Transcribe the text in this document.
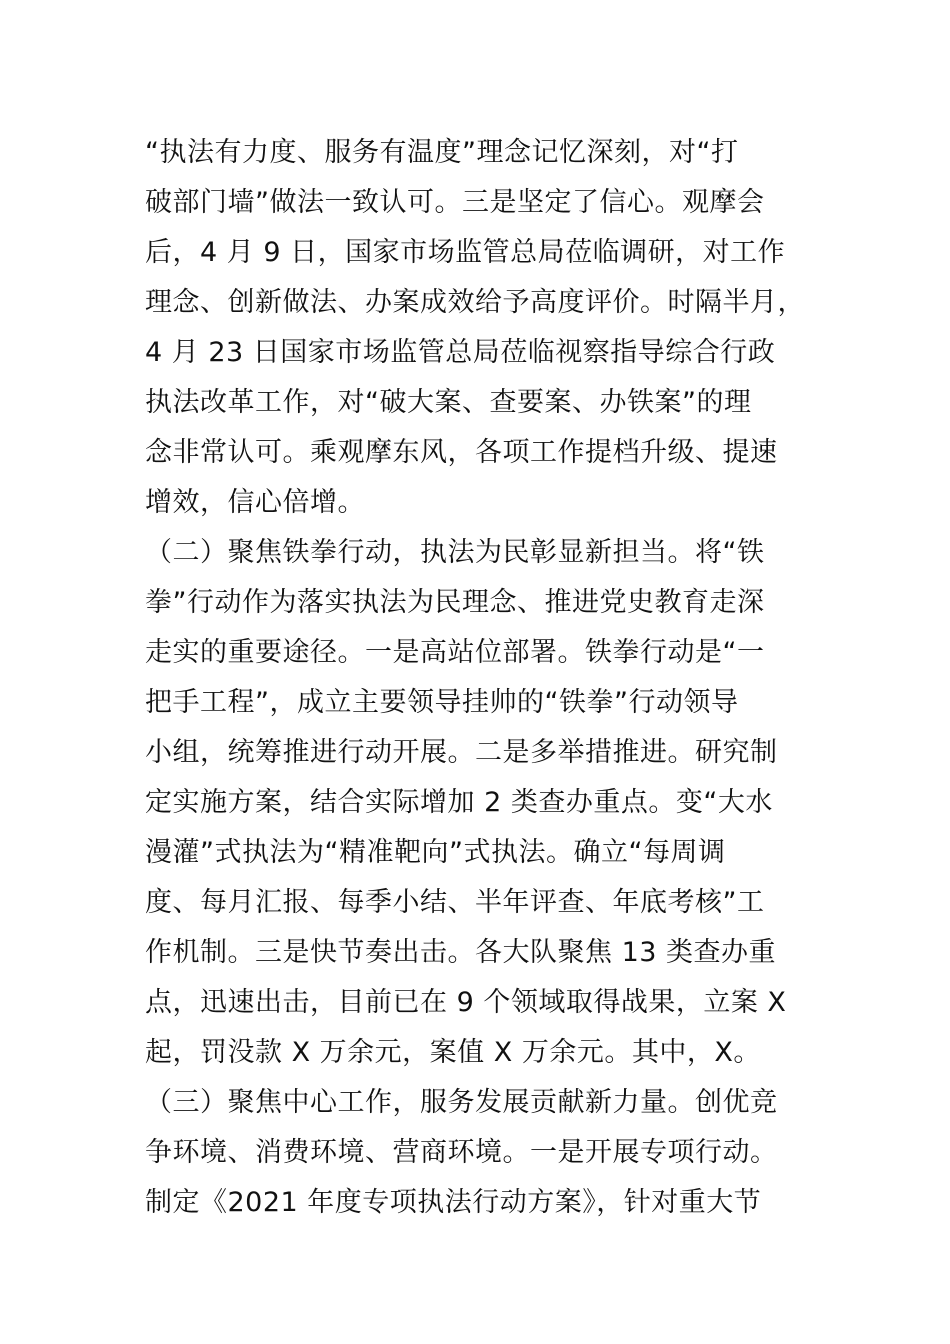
“执法有力度、服务有温度”理念记忆深刻，对“打
破部门墙”做法一致认可。三是坚定了信心。观摩会
后，4 月 9 日，国家市场监管总局莅临调研，对工作
理念、创新做法、办案成效给予高度评价。时隔半月，
4 月 23 日国家市场监管总局莅临视察指导综合行政
执法改革工作，对“破大案、查要案、办铁案”的理
念非常认可。乘观摩东风，各项工作提档升级、提速
增效，信心倍增。
（二）聚焦铁拳行动，执法为民彰显新担当。将“铁
拳”行动作为落实执法为民理念、推进党史教育走深
走实的重要途径。一是高站位部署。铁拳行动是“一
把手工程”，成立主要领导挂帅的“铁拳”行动领导
小组，统筹推进行动开展。二是多举措推进。研究制
定实施方案，结合实际增加 2 类查办重点。变“大水
漫灌”式执法为“精准靶向”式执法。确立“每周调
度、每月汇报、每季小结、半年评查、年底考核”工
作机制。三是快节奏出击。各大队聚焦 13 类查办重
点，迅速出击，目前已在 9 个领域取得战果，立案 X
起，罚没款 X 万余元，案值 X 万余元。其中，X。
（三）聚焦中心工作，服务发展贡献新力量。创优竞
争环境、消费环境、营商环境。一是开展专项行动。
制定《2021 年度专项执法行动方案》，针对重大节
